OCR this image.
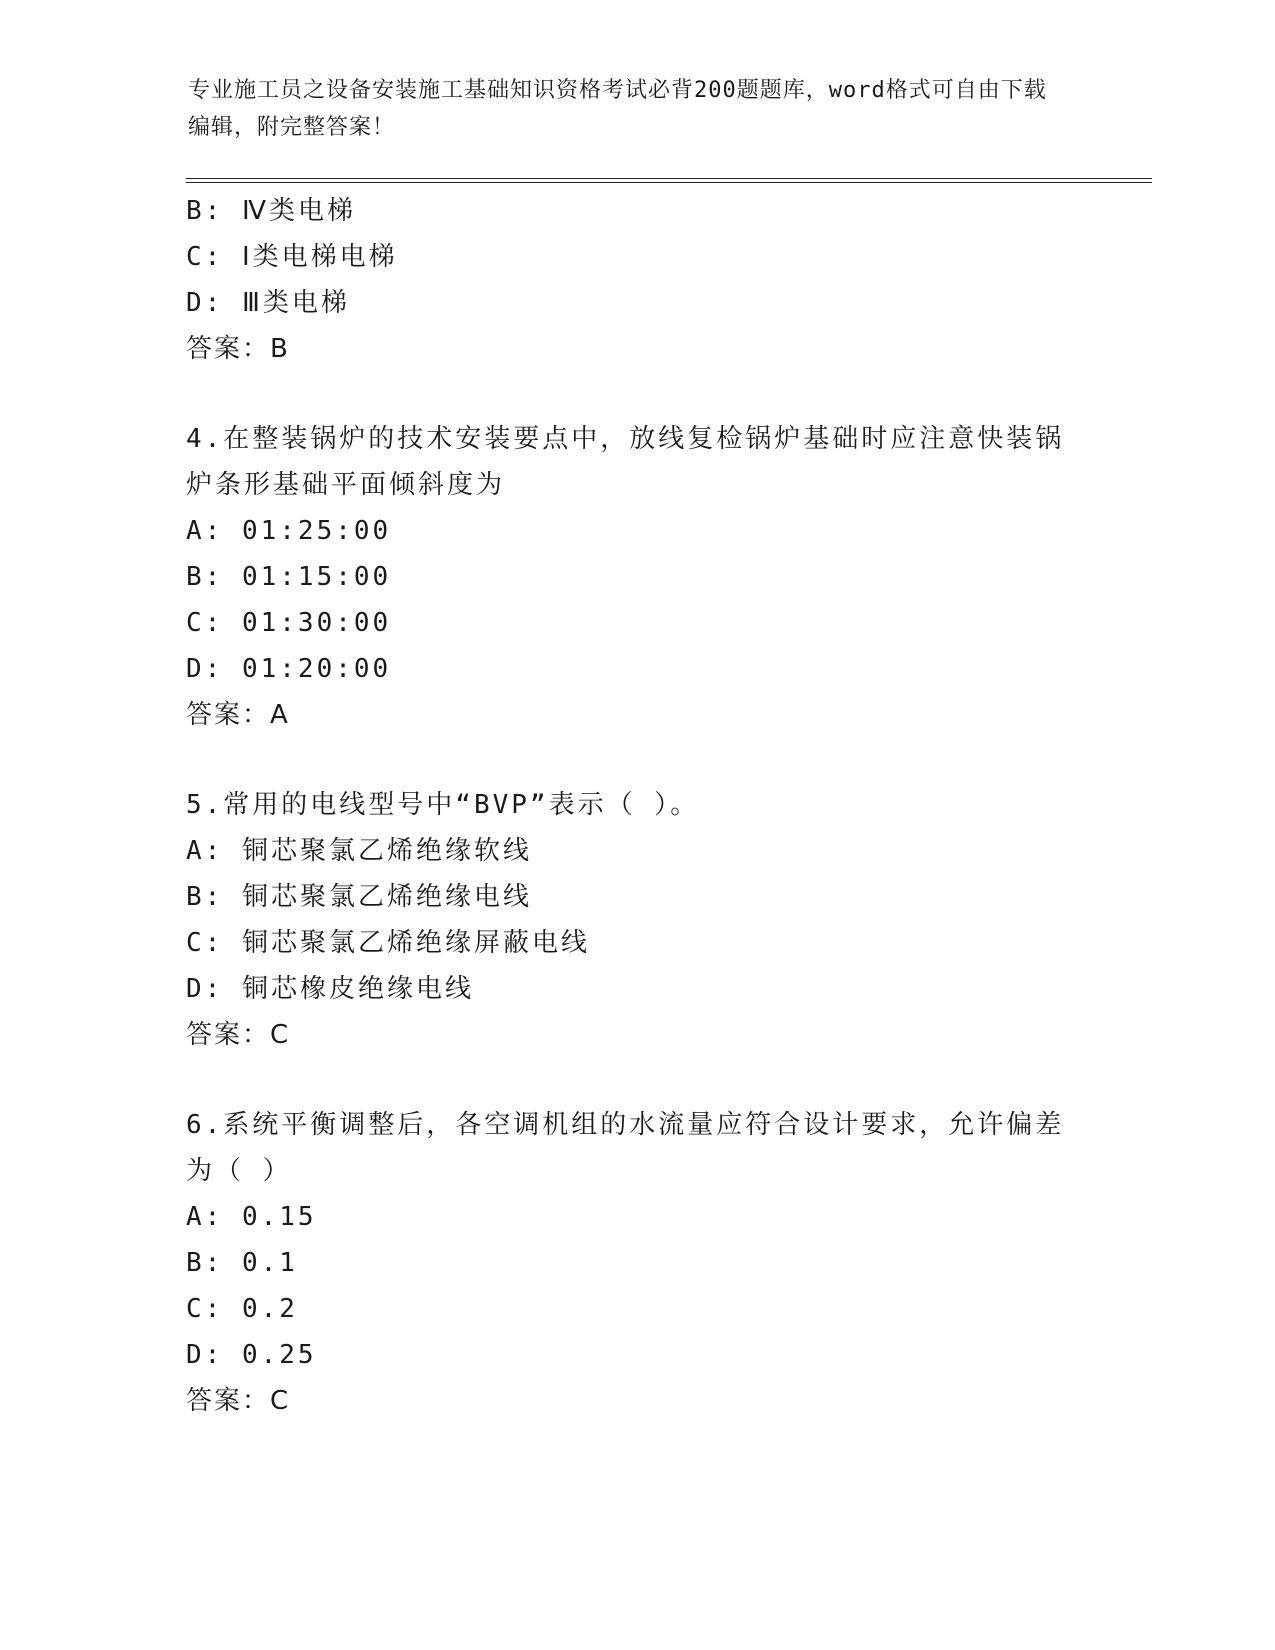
专业施工员之设备安装施工基础知识资格考试必背200题题库，word格式可自由下载编辑，附完整答案！
B: Ⅳ类电梯
C: Ⅰ类电梯电梯
D: Ⅲ类电梯
答案：B
4.在整装锅炉的技术安装要点中，放线复检锅炉基础时应注意快装锅
炉条形基础平面倾斜度为
A: 01:25:00
B: 01:15:00
C: 01:30:00
D: 01:20:00
答案：A
5.常用的电线型号中“BVP”表示（ ）。
A: 铜芯聚氯乙烯绝缘软线
B: 铜芯聚氯乙烯绝缘电线
C: 铜芯聚氯乙烯绝缘屏蔽电线
D: 铜芯橡皮绝缘电线
答案：C
6.系统平衡调整后，各空调机组的水流量应符合设计要求，允许偏差
为（ ）
A: 0.15
B: 0.1
C: 0.2
D: 0.25
答案：C
